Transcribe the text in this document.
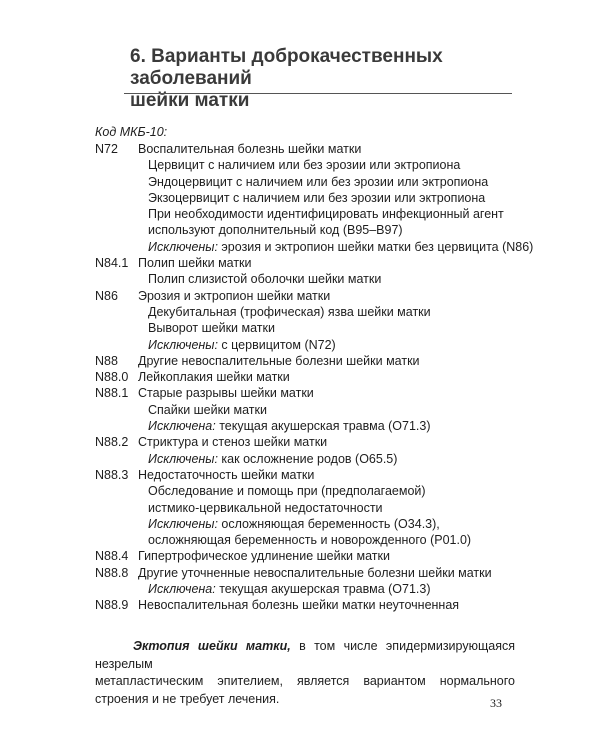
6. Варианты доброкачественных заболеваний
шейки матки
Код МКБ-10:
N72	Воспалительная болезнь шейки матки
Цервицит с наличием или без эрозии или эктропиона
Эндоцервицит с наличием или без эрозии или эктропиона
Экзоцервицит с наличием или без эрозии или эктропиона
При необходимости идентифицировать инфекционный агент
используют дополнительный код (B95–B97)
Исключены: эрозия и эктропион шейки матки без цервицита (N86)
N84.1 Полип шейки матки
Полип слизистой оболочки шейки матки
N86	Эрозия и эктропион шейки матки
Декубитальная (трофическая) язва шейки матки
Выворот шейки матки
Исключены: с цервицитом (N72)
N88	Другие невоспалительные болезни шейки матки
N88.0 Лейкоплакия шейки матки
N88.1 Старые разрывы шейки матки
Спайки шейки матки
Исключена: текущая акушерская травма (O71.3)
N88.2 Стриктура и стеноз шейки матки
Исключены: как осложнение родов (O65.5)
N88.3 Недостаточность шейки матки
Обследование и помощь при (предполагаемой)
истмико-цервикальной недостаточности
Исключены: осложняющая беременность (O34.3),
осложняющая беременность и новорожденного (P01.0)
N88.4 Гипертрофическое удлинение шейки матки
N88.8 Другие уточненные невоспалительные болезни шейки матки
Исключена: текущая акушерская травма (O71.3)
N88.9 Невоспалительная болезнь шейки матки неуточненная
Эктопия шейки матки, в том числе эпидермизирующаяся незрелым
метапластическим эпителием, является вариантом нормального строения и не требует лечения.	33
